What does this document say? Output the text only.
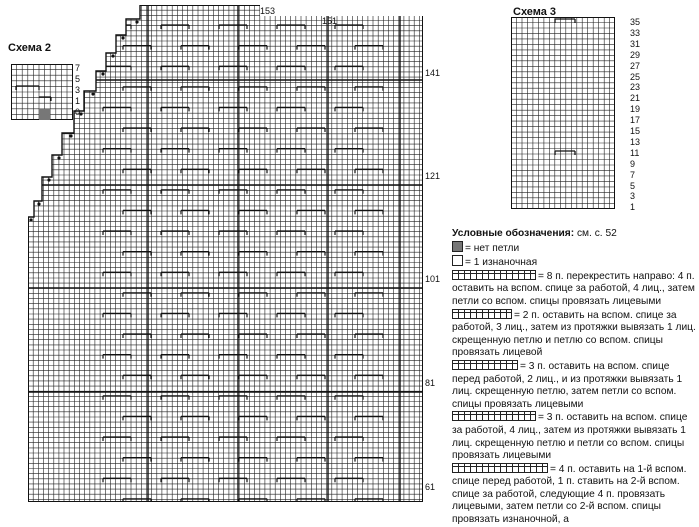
153
151
141
121
101
81
61
Схема 2
7
5
3
1
0
Схема 3
35
33
31
29
27
25
23
21
19
17
15
13
11
9
7
5
3
1
Условные обозначения: см. с. 52
= нет петли
= 1 изнаночная
= 8 п. перекрестить направо: 4 п. оставить на вспом. спице за работой, 4 лиц., затем петли со вспом. спицы провязать лицевыми
= 2 п. оставить на вспом. спице за работой, 3 лиц., затем из протяжки вывязать 1 лиц. скрещенную петлю и петлю со вспом. спицы провязать лицевой
= 3 п. оставить на вспом. спице перед работой, 2 лиц., и из протяжки вывязать 1 лиц. скрещенную петлю, затем петли со вспом. спицы провязать лицевыми
= 3 п. оставить на вспом. спице за работой, 4 лиц., затем из протяжки вывязать 1 лиц. скрещенную петлю и петли со вспом. спицы провязать лицевыми
= 4 п. оставить на 1-й вспом. спице перед работой, 1 п. ставить на 2-й вспом. спице за работой, следующие 4 п. провязать лицевыми, затем петли со 2-й вспом. спицы провязать изнаночной, а
